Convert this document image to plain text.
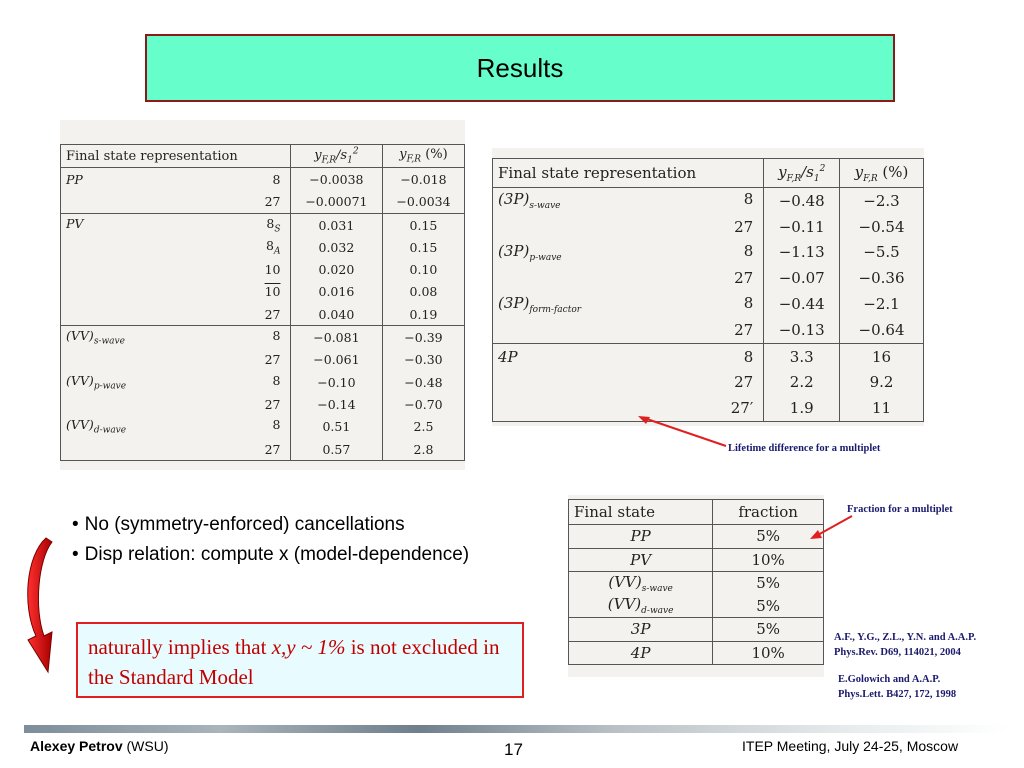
Results
Final state representation	$y_{F,R}/s_1^2$	$y_{F,R}$ (%)
PP 8	−0.0038	−0.018
27	−0.00071	−0.0034
PV $8_S$	0.031	0.15
$8_A$	0.032	0.15
10	0.020	0.10
10	0.016	0.08
27	0.040	0.19
$(VV)_{s-wave}$ 8	−0.081	−0.39
27	−0.061	−0.30
$(VV)_{p-wave}$ 8	−0.10	−0.48
27	−0.14	−0.70
$(VV)_{d-wave}$ 8	0.51	2.5
27	0.57	2.8
Final state representation	$y_{F,R}/s_1^2$	$y_{F,R}$ (%)
$(3P)_{s-wave}$ 8	−0.48	−2.3
27	−0.11	−0.54
$(3P)_{p-wave}$ 8	−1.13	−5.5
27	−0.07	−0.36
$(3P)_{form-factor}$ 8	−0.44	−2.1
27	−0.13	−0.64
4P 8	3.3	16
27	2.2	9.2
27′	1.9	11
Lifetime difference for a multiplet
Final state	fraction
PP	5%
PV	10%
$(VV)_{s-wave}$	5%
$(VV)_{d-wave}$	5%
3P	5%
4P	10%
Fraction for a multiplet
A.F., Y.G., Z.L., Y.N. and A.A.P.
Phys.Rev. D69, 114021, 2004
E.Golowich and A.A.P.
Phys.Lett. B427, 172, 1998
• No (symmetry-enforced) cancellations
• Disp relation: compute x (model-dependence)
naturally implies that x,y ~ 1% is not excluded in the Standard Model
Alexey Petrov (WSU)	17	ITEP Meeting, July 24-25, Moscow
